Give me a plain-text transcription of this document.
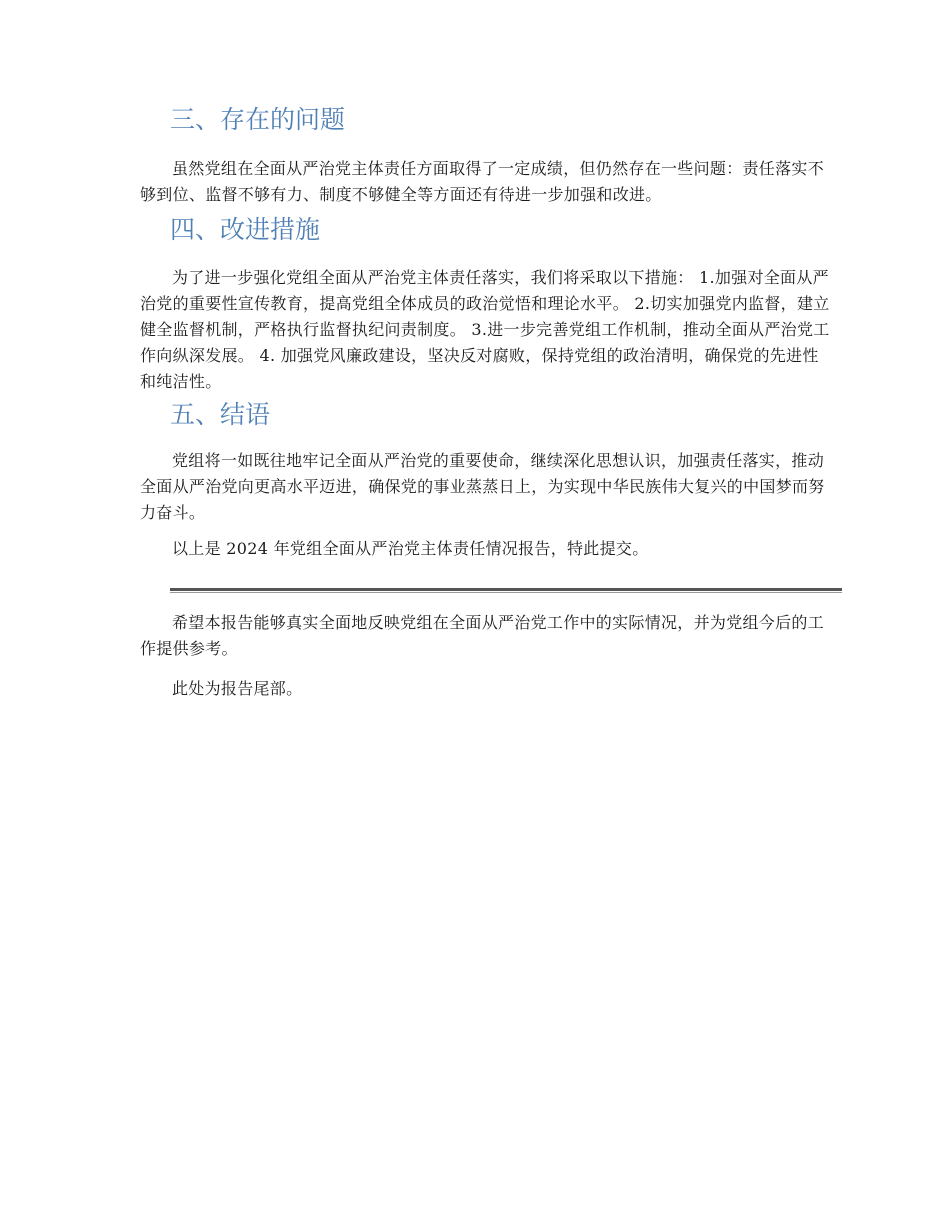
三、存在的问题

虽然党组在全面从严治党主体责任方面取得了一定成绩，但仍然存在一些问题：责任落实不够到位、监督不够有力、制度不够健全等方面还有待进一步加强和改进。

四、改进措施

为了进一步强化党组全面从严治党主体责任落实，我们将采取以下措施： 1.加强对全面从严治党的重要性宣传教育，提高党组全体成员的政治觉悟和理论水平。 2.切实加强党内监督，建立健全监督机制，严格执行监督执纪问责制度。 3.进一步完善党组工作机制，推动全面从严治党工作向纵深发展。 4. 加强党风廉政建设，坚决反对腐败，保持党组的政治清明，确保党的先进性和纯洁性。

五、结语

党组将一如既往地牢记全面从严治党的重要使命，继续深化思想认识，加强责任落实，推动全面从严治党向更高水平迈进，确保党的事业蒸蒸日上，为实现中华民族伟大复兴的中国梦而努力奋斗。

以上是 2024 年党组全面从严治党主体责任情况报告，特此提交。

希望本报告能够真实全面地反映党组在全面从严治党工作中的实际情况，并为党组今后的工作提供参考。

此处为报告尾部。
